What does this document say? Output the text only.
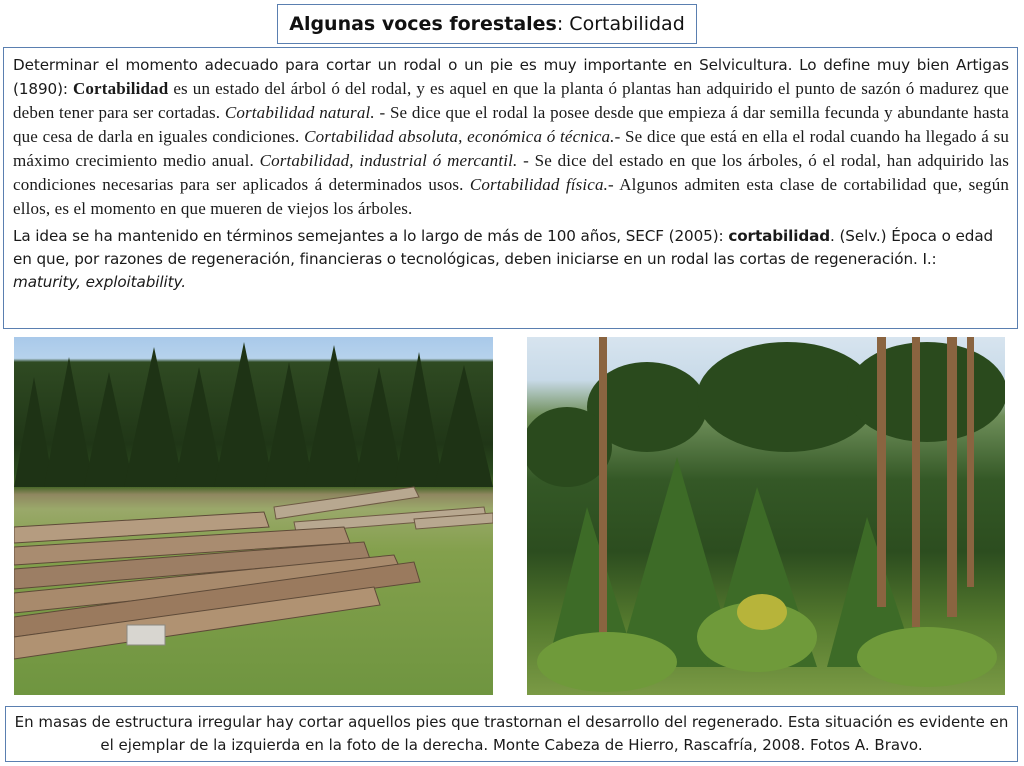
Algunas voces forestales : Cortabilidad

Determinar el momento adecuado para cortar un rodal o un pie es muy importante en Selvicultura. Lo define muy bien Artigas (1890): Cortabilidad es un estado del árbol ó del rodal, y es aquel en que la planta ó plantas han adquirido el punto de sazón ó madurez que deben tener para ser cortadas. Cortabilidad natural. - Se dice que el rodal la posee desde que empieza á dar semilla fecunda y abundante hasta que cesa de darla en iguales condiciones. Cortabilidad absoluta, económica ó técnica.- Se dice que está en ella el rodal cuando ha llegado á su máximo crecimiento medio anual. Cortabilidad, industrial ó mercantil. - Se dice del estado en que los árboles, ó el rodal, han adquirido las condiciones necesarias para ser aplicados á determinados usos. Cortabilidad física.- Algunos admiten esta clase de cortabilidad que, según ellos, es el momento en que mueren de viejos los árboles.

La idea se ha mantenido en términos semejantes a lo largo de más de 100 años, SECF (2005): cortabilidad. (Selv.) Época o edad en que, por razones de regeneración, financieras o tecnológicas, deben iniciarse en un rodal las cortas de regeneración. I.: maturity, exploitability.

En masas de estructura irregular hay cortar aquellos pies que trastornan el desarrollo del regenerado. Esta situación es evidente en el ejemplar de la izquierda en la foto de la derecha. Monte Cabeza de Hierro, Rascafría, 2008. Fotos A. Bravo.
